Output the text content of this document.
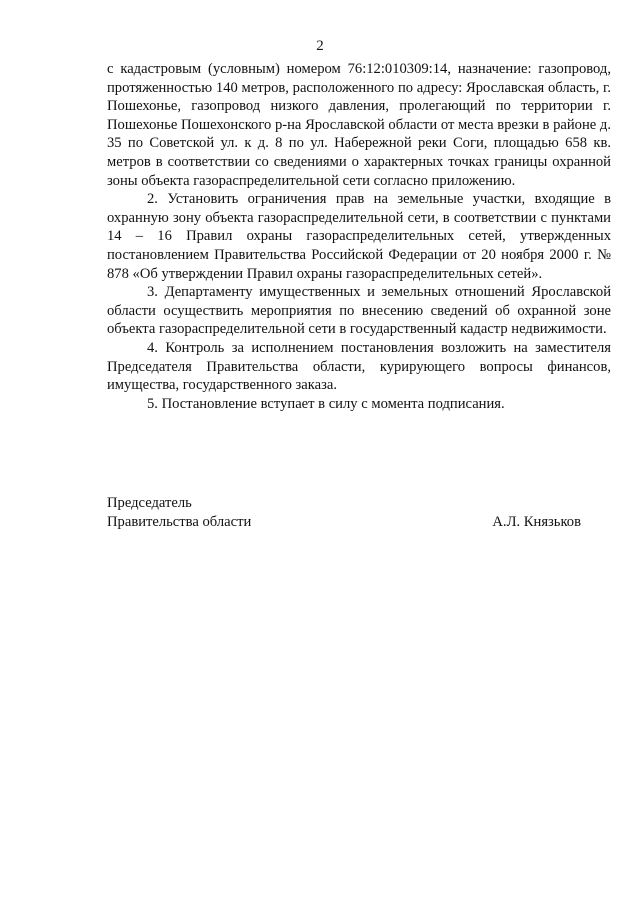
2

с кадастровым (условным) номером 76:12:010309:14, назначение: газопровод, протяженностью 140 метров, расположенного по адресу: Ярославская область, г. Пошехонье, газопровод низкого давления, пролегающий по территории г. Пошехонье Пошехонского р-на Ярославской области от места врезки в районе д. 35 по Советской ул. к д. 8 по ул. Набережной реки Соги, площадью 658 кв. метров в соответствии со сведениями о характерных точках границы охранной зоны объекта газораспределительной сети согласно приложению.

2. Установить ограничения прав на земельные участки, входящие в охранную зону объекта газораспределительной сети, в соответствии с пунктами 14 – 16 Правил охраны газораспределительных сетей, утвержденных постановлением Правительства Российской Федерации от 20 ноября 2000 г. № 878 «Об утверждении Правил охраны газораспределительных сетей».

3. Департаменту имущественных и земельных отношений Ярославской области осуществить мероприятия по внесению сведений об охранной зоне объекта газораспределительной сети в государственный кадастр недвижимости.

4. Контроль за исполнением постановления возложить на заместителя Председателя Правительства области, курирующего вопросы финансов, имущества, государственного заказа.

5. Постановление вступает в силу с момента подписания.

Председатель
Правительства области	А.Л. Князьков
